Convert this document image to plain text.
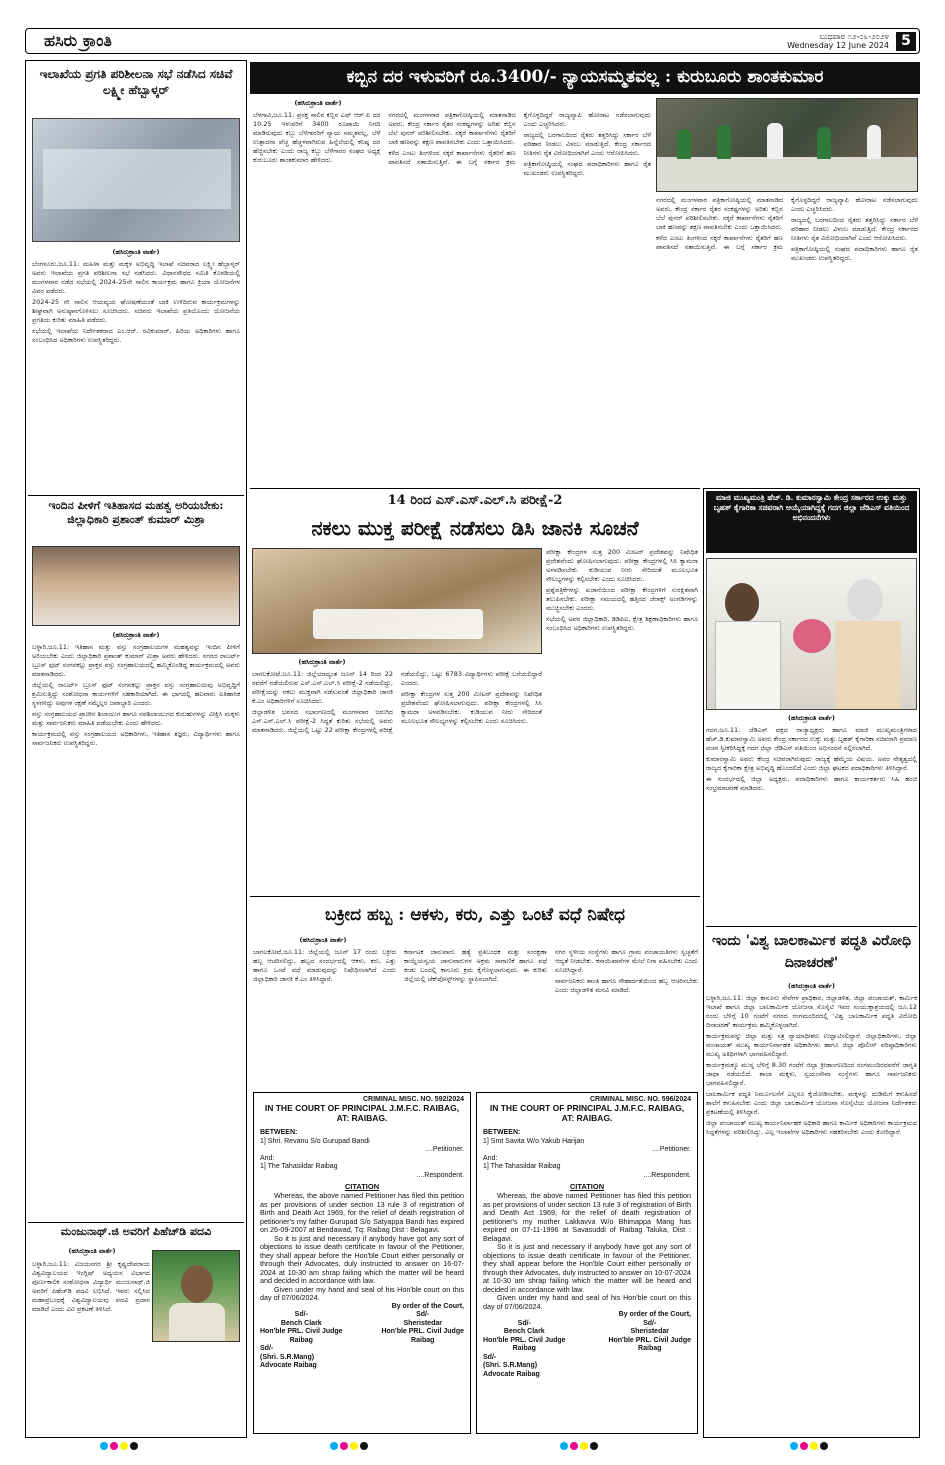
ಹಸಿರು ಕ್ರಾಂತಿ	ಬುಧವಾರ ೧೨-೦೬-೨೦೨೪
Wednesday 12 June 2024 5
ಇಲಾಖೆಯ ಪ್ರಗತಿ ಪರಿಶೀಲನಾ ಸಭೆ ನಡೆಸಿದ ಸಚಿವೆ ಲಕ್ಷ್ಮೀ ಹೆಬ್ಬಾಳ್ಕರ್
(ಹಸಿರುಕ್ರಾಂತಿ ವಾರ್ತೆ)

ಬೆಂಗಳೂರು,ಜೂ.11: ಮಹಿಳಾ ಮತ್ತು ಮಕ್ಕಳ ಅಭಿವೃದ್ಧಿ ಇಲಾಖೆ ಸಚಿವರಾದ ಲಕ್ಷ್ಮೀ ಹೆಬ್ಬಾಳ್ಕರ್ ಅವರು ಇಲಾಖೆಯ ಪ್ರಗತಿ ಪರಿಶೀಲನಾ ಸಭೆ ನಡೆಸಿದರು. ವಿಧಾನಸೌಧದ ಸಮಿತಿ ಕೊಠಡಿಯಲ್ಲಿ ಮಂಗಳವಾರ ನಡೆದ ಸಭೆಯಲ್ಲಿ 2024-25ನೇ ಸಾಲಿನ ಕಾರ್ಯಕ್ರಮ ಹಾಗೂ ಕ್ರಿಯಾ ಯೋಜನೆಗಳ ವಿವರ ಪಡೆದರು.

2024-25 ನೇ ಸಾಲಿನ ಆಯವ್ಯಯ ಘೋಷಣೆಯಂತೆ ಬಾಕಿ ಉಳಿದಿರುವ ಕಾರ್ಯಕ್ರಮಗಳನ್ನು ಶೀಘ್ರವಾಗಿ ಅನುಷ್ಠಾನಗೊಳಿಸಲು ಸೂಚಿಸಿದರು. ಸಚಿವರು ಇಲಾಖೆಯ ಪ್ರತಿಯೊಂದು ಯೋಜನೆಯ ಪ್ರಗತಿಯ ಕುರಿತು ಮಾಹಿತಿ ಪಡೆದರು.

ಸಭೆಯಲ್ಲಿ ಇಲಾಖೆಯ ನಿರ್ದೇಶಕರಾದ ಎಂ.ಆರ್. ರವಿಕುಮಾರ್, ಹಿರಿಯ ಅಧಿಕಾರಿಗಳು ಹಾಗೂ ಸಂಬಂಧಿಸಿದ ಅಧಿಕಾರಿಗಳು ಉಪಸ್ಥಿತರಿದ್ದರು.

ಇಂದಿನ ಪೀಳಿಗೆ ಇತಿಹಾಸದ ಮಹತ್ವ ಅರಿಯಬೇಕು: ಜಿಲ್ಲಾಧಿಕಾರಿ ಪ್ರಶಾಂತ್ ಕುಮಾರ್ ಮಿಶ್ರಾ
(ಹಸಿರುಕ್ರಾಂತಿ ವಾರ್ತೆ)

ಬಳ್ಳಾರಿ,ಜೂ.11: ಇತಿಹಾಸ ಮತ್ತು ವಸ್ತು ಸಂಗ್ರಹಾಲಯಗಳ ಮಹತ್ವವನ್ನು ಇಂದಿನ ಪೀಳಿಗೆ ಅರಿಯಬೇಕು ಎಂದು ಜಿಲ್ಲಾಧಿಕಾರಿ ಪ್ರಶಾಂತ್ ಕುಮಾರ್ ಮಿಶ್ರಾ ಅವರು ಹೇಳಿದರು. ನಗರದ ರಾಬರ್ಟ್ ಬ್ರೂಸ್ ಫುಟ್ ಸಂಗನಕಲ್ಲು ಪ್ರಾಕ್ತನ ವಸ್ತು ಸಂಗ್ರಹಾಲಯದಲ್ಲಿ ಹಮ್ಮಿಕೊಂಡಿದ್ದ ಕಾರ್ಯಕ್ರಮದಲ್ಲಿ ಅವರು ಮಾತನಾಡಿದರು.

ಜಿಲ್ಲೆಯಲ್ಲಿ ರಾಬರ್ಟ್ ಬ್ರೂಸ್ ಫುಟ್ ಸಂಗನಕಲ್ಲು ಪ್ರಾಕ್ತನ ವಸ್ತು ಸಂಗ್ರಹಾಲಯವು ಅಭಿವೃದ್ಧಿಗೆ ಶ್ರಮಿಸುತ್ತಿದ್ದು ಸಂಶೋಧನಾ ಕಾರ್ಯಗಳಿಗೆ ಸಹಕಾರಿಯಾಗಿದೆ. ಈ ಭಾಗದಲ್ಲಿ ಹಲವಾರು ಐತಿಹಾಸಿಕ ಸ್ಥಳಗಳಿದ್ದು ಅವುಗಳ ರಕ್ಷಣೆ ನಮ್ಮೆಲ್ಲರ ಜವಾಬ್ದಾರಿ ಎಂದರು.

ವಸ್ತು ಸಂಗ್ರಹಾಲಯದ ಪ್ರಾಚೀನ ಶಿಲಾಯುಗ ಹಾಗೂ ನವಶಿಲಾಯುಗದ ಕುರುಹುಗಳನ್ನು ವೀಕ್ಷಿಸಿ ಮಕ್ಕಳು ಮತ್ತು ಸಾರ್ವಜನಿಕರು ಮಾಹಿತಿ ಪಡೆಯಬೇಕು ಎಂದು ಹೇಳಿದರು.

ಕಾರ್ಯಕ್ರಮದಲ್ಲಿ ವಸ್ತು ಸಂಗ್ರಹಾಲಯದ ಅಧಿಕಾರಿಗಳು, ಇತಿಹಾಸ ತಜ್ಞರು, ವಿದ್ಯಾರ್ಥಿಗಳು ಹಾಗೂ ಸಾರ್ವಜನಿಕರು ಉಪಸ್ಥಿತರಿದ್ದರು.

ಮಂಜುನಾಥ್.ಜಿ ಅವರಿಗೆ ಪಿಹೆಚ್‌ಡಿ ಪದವಿ
(ಹಸಿರುಕ್ರಾಂತಿ ವಾರ್ತೆ)

ಬಳ್ಳಾರಿ,ಜೂ.11: ವಿಜಯನಗರ ಶ್ರೀ ಕೃಷ್ಣದೇವರಾಯ ವಿಶ್ವವಿದ್ಯಾಲಯದ ಇಂಗ್ಲಿಷ್ ಅಧ್ಯಯನ ವಿಭಾಗದ ಪೂರ್ಣಕಾಲಿಕ ಸಂಶೋಧನಾ ವಿದ್ಯಾರ್ಥಿ ಮಂಜುನಾಥ್.ಜಿ ಅವರಿಗೆ ಪಿಹೆಚ್‌ಡಿ ಪದವಿ ಲಭಿಸಿದೆ. ಇವರು ಸಲ್ಲಿಸಿದ ಮಹಾಪ್ರಬಂಧಕ್ಕೆ ವಿಶ್ವವಿದ್ಯಾಲಯವು ಪದವಿ ಪ್ರದಾನ ಮಾಡಿದೆ ಎಂದು ವಿವಿ ಪ್ರಕಟಣೆ ತಿಳಿಸಿದೆ.

ಕಬ್ಬಿನ ದರ ಇಳುವರಿಗೆ ರೂ.3400/- ನ್ಯಾಯಸಮ್ಮತವಲ್ಲ : ಕುರುಬೂರು ಶಾಂತಕುಮಾರ
(ಹಸಿರುಕ್ರಾಂತಿ ವಾರ್ತೆ)

ಬೆಳಗಾವಿ,ಜೂ.11: ಪ್ರಸಕ್ತ ಸಾಲಿನ ಕಬ್ಬಿನ ಎಫ್ ಆರ್ ಪಿ ದರ 10.25 ಇಳುವರಿಗೆ 3400 ರೂಪಾಯಿ ನಿಗದಿ ಮಾಡಿರುವುದು ಕಬ್ಬು ಬೆಳೆಗಾರರಿಗೆ ನ್ಯಾಯ ಸಮ್ಮತವಲ್ಲ, ಬೆಳೆ ಉತ್ಪಾದನಾ ವೆಚ್ಚ ಹೆಚ್ಚಳವಾಗಿರುವ ಹಿನ್ನೆಲೆಯಲ್ಲಿ ಕನಿಷ್ಠ ದರ ಹೆಚ್ಚಿಸಬೇಕು ಎಂದು ರಾಜ್ಯ ಕಬ್ಬು ಬೆಳೆಗಾರರ ಸಂಘದ ಅಧ್ಯಕ್ಷ ಕುರುಬೂರು ಶಾಂತಕುಮಾರ ಹೇಳಿದರು.

ನಗರದಲ್ಲಿ ಮಂಗಳವಾರ ಪತ್ರಿಕಾಗೋಷ್ಠಿಯಲ್ಲಿ ಮಾತನಾಡಿದ ಅವರು, ಕೇಂದ್ರ ಸರ್ಕಾರ ರೈತರ ಸಂಕಷ್ಟಗಳನ್ನು ಅರಿತು ಕಬ್ಬಿನ ಬೆಲೆ ಪುನರ್ ಪರಿಶೀಲಿಸಬೇಕು. ಸಕ್ಕರೆ ಕಾರ್ಖಾನೆಗಳು ರೈತರಿಗೆ ಬಾಕಿ ಹಣವನ್ನು ತಕ್ಷಣ ಪಾವತಿಸಬೇಕು ಎಂದು ಒತ್ತಾಯಿಸಿದರು.

ಕಳೆದ ಎಂಟು ತಿಂಗಳಿಂದ ಸಕ್ಕರೆ ಕಾರ್ಖಾನೆಗಳು ರೈತರಿಗೆ ಹಣ ಪಾವತಿಸದೆ ಸತಾಯಿಸುತ್ತಿವೆ. ಈ ಬಗ್ಗೆ ಸರ್ಕಾರ ಕ್ರಮ ಕೈಗೊಳ್ಳದಿದ್ದರೆ ರಾಜ್ಯವ್ಯಾಪಿ ಹೋರಾಟ ನಡೆಸಲಾಗುವುದು ಎಂದು ಎಚ್ಚರಿಸಿದರು.

ರಾಜ್ಯದಲ್ಲಿ ಬರಗಾಲದಿಂದ ರೈತರು ತತ್ತರಿಸಿದ್ದು ಸರ್ಕಾರ ಬೆಳೆ ಪರಿಹಾರ ನೀಡಲು ವಿಳಂಬ ಮಾಡುತ್ತಿದೆ. ಕೇಂದ್ರ ಸರ್ಕಾರದ ನೀತಿಗಳು ರೈತ ವಿರೋಧಿಯಾಗಿವೆ ಎಂದು ಆರೋಪಿಸಿದರು.

ಪತ್ರಿಕಾಗೋಷ್ಠಿಯಲ್ಲಿ ಸಂಘದ ಪದಾಧಿಕಾರಿಗಳು ಹಾಗೂ ರೈತ ಮುಖಂಡರು ಉಪಸ್ಥಿತರಿದ್ದರು.

ನಗರದಲ್ಲಿ ಮಂಗಳವಾರ ಪತ್ರಿಕಾಗೋಷ್ಠಿಯಲ್ಲಿ ಮಾತನಾಡಿದ ಅವರು, ಕೇಂದ್ರ ಸರ್ಕಾರ ರೈತರ ಸಂಕಷ್ಟಗಳನ್ನು ಅರಿತು ಕಬ್ಬಿನ ಬೆಲೆ ಪುನರ್ ಪರಿಶೀಲಿಸಬೇಕು. ಸಕ್ಕರೆ ಕಾರ್ಖಾನೆಗಳು ರೈತರಿಗೆ ಬಾಕಿ ಹಣವನ್ನು ತಕ್ಷಣ ಪಾವತಿಸಬೇಕು ಎಂದು ಒತ್ತಾಯಿಸಿದರು.

ಕಳೆದ ಎಂಟು ತಿಂಗಳಿಂದ ಸಕ್ಕರೆ ಕಾರ್ಖಾನೆಗಳು ರೈತರಿಗೆ ಹಣ ಪಾವತಿಸದೆ ಸತಾಯಿಸುತ್ತಿವೆ. ಈ ಬಗ್ಗೆ ಸರ್ಕಾರ ಕ್ರಮ ಕೈಗೊಳ್ಳದಿದ್ದರೆ ರಾಜ್ಯವ್ಯಾಪಿ ಹೋರಾಟ ನಡೆಸಲಾಗುವುದು ಎಂದು ಎಚ್ಚರಿಸಿದರು.

ರಾಜ್ಯದಲ್ಲಿ ಬರಗಾಲದಿಂದ ರೈತರು ತತ್ತರಿಸಿದ್ದು ಸರ್ಕಾರ ಬೆಳೆ ಪರಿಹಾರ ನೀಡಲು ವಿಳಂಬ ಮಾಡುತ್ತಿದೆ. ಕೇಂದ್ರ ಸರ್ಕಾರದ ನೀತಿಗಳು ರೈತ ವಿರೋಧಿಯಾಗಿವೆ ಎಂದು ಆರೋಪಿಸಿದರು.

ಪತ್ರಿಕಾಗೋಷ್ಠಿಯಲ್ಲಿ ಸಂಘದ ಪದಾಧಿಕಾರಿಗಳು ಹಾಗೂ ರೈತ ಮುಖಂಡರು ಉಪಸ್ಥಿತರಿದ್ದರು.

14 ರಿಂದ ಎಸ್.ಎಸ್.ಎಲ್.ಸಿ ಪರೀಕ್ಷೆ-2
ನಕಲು ಮುಕ್ತ ಪರೀಕ್ಷೆ ನಡೆಸಲು ಡಿಸಿ ಜಾನಕಿ ಸೂಚನೆ

ಪರೀಕ್ಷಾ ಕೇಂದ್ರಗಳ ಸುತ್ತ 200 ಮೀಟರ್ ಪ್ರದೇಶವನ್ನು ನಿಷೇಧಿತ ಪ್ರದೇಶವೆಂದು ಘೋಷಿಸಲಾಗುವುದು. ಪರೀಕ್ಷಾ ಕೇಂದ್ರಗಳಲ್ಲಿ ಸಿಸಿ ಕ್ಯಾಮರಾ ಅಳವಡಿಸಬೇಕು. ಕುಡಿಯುವ ನೀರು ಸೇರಿದಂತೆ ಮೂಲಭೂತ ಸೌಲಭ್ಯಗಳನ್ನು ಕಲ್ಪಿಸಬೇಕು ಎಂದು ಸೂಚಿಸಿದರು.

ಪ್ರಶ್ನೆಪತ್ರಿಕೆಗಳನ್ನು ಖಜಾನೆಯಿಂದ ಪರೀಕ್ಷಾ ಕೇಂದ್ರಗಳಿಗೆ ಸುರಕ್ಷಿತವಾಗಿ ತಲುಪಿಸಬೇಕು. ಪರೀಕ್ಷಾ ಸಮಯದಲ್ಲಿ ಹತ್ತಿರದ ಜೆರಾಕ್ಸ್ ಅಂಗಡಿಗಳನ್ನು ಮುಚ್ಚಿಸಬೇಕು ಎಂದರು.

ಸಭೆಯಲ್ಲಿ ಅಪರ ಜಿಲ್ಲಾಧಿಕಾರಿ, ಡಿಡಿಪಿಐ, ಕ್ಷೇತ್ರ ಶಿಕ್ಷಣಾಧಿಕಾರಿಗಳು ಹಾಗೂ ಸಂಬಂಧಿಸಿದ ಅಧಿಕಾರಿಗಳು ಉಪಸ್ಥಿತರಿದ್ದರು.

(ಹಸಿರುಕ್ರಾಂತಿ ವಾರ್ತೆ)

ಬಾಗಲಕೋಟೆ,ಜೂ.11: ಜಿಲ್ಲೆಯಾದ್ಯಂತ ಜೂನ್ 14 ರಿಂದ 22 ರವರೆಗೆ ನಡೆಯಲಿರುವ ಎಸ್.ಎಸ್.ಎಲ್.ಸಿ ಪರೀಕ್ಷೆ-2 ನಡೆಯಲಿದ್ದು, ಪರೀಕ್ಷೆಯನ್ನು ನಕಲು ಮುಕ್ತವಾಗಿ ನಡೆಸುವಂತೆ ಜಿಲ್ಲಾಧಿಕಾರಿ ಜಾನಕಿ ಕೆ.ಎಂ ಅಧಿಕಾರಿಗಳಿಗೆ ಸೂಚಿಸಿದರು.

ಜಿಲ್ಲಾಡಳಿತ ಭವನದ ಸಭಾಂಗಣದಲ್ಲಿ ಮಂಗಳವಾರ ಜರುಗಿದ ಎಸ್.ಎಸ್.ಎಲ್.ಸಿ ಪರೀಕ್ಷೆ-2 ಸಿದ್ಧತೆ ಕುರಿತು ಸಭೆಯಲ್ಲಿ ಅವರು ಮಾತನಾಡಿದರು. ಜಿಲ್ಲೆಯಲ್ಲಿ ಒಟ್ಟು 22 ಪರೀಕ್ಷಾ ಕೇಂದ್ರಗಳಲ್ಲಿ ಪರೀಕ್ಷೆ ನಡೆಯಲಿದ್ದು, ಒಟ್ಟು 6783 ವಿದ್ಯಾರ್ಥಿಗಳು ಪರೀಕ್ಷೆ ಬರೆಯಲಿದ್ದಾರೆ ಎಂದರು.

ಪರೀಕ್ಷಾ ಕೇಂದ್ರಗಳ ಸುತ್ತ 200 ಮೀಟರ್ ಪ್ರದೇಶವನ್ನು ನಿಷೇಧಿತ ಪ್ರದೇಶವೆಂದು ಘೋಷಿಸಲಾಗುವುದು. ಪರೀಕ್ಷಾ ಕೇಂದ್ರಗಳಲ್ಲಿ ಸಿಸಿ ಕ್ಯಾಮರಾ ಅಳವಡಿಸಬೇಕು. ಕುಡಿಯುವ ನೀರು ಸೇರಿದಂತೆ ಮೂಲಭೂತ ಸೌಲಭ್ಯಗಳನ್ನು ಕಲ್ಪಿಸಬೇಕು ಎಂದು ಸೂಚಿಸಿದರು.

ಬಕ್ರೀದ ಹಬ್ಬ : ಆಕಳು, ಕರು, ಎತ್ತು ಒಂಟೆ ವಧೆ ನಿಷೇಧ
(ಹಸಿರುಕ್ರಾಂತಿ ವಾರ್ತೆ)

ಬಾಗಲಕೋಟೆ,ಜೂ.11: ಜಿಲ್ಲೆಯಲ್ಲಿ ಜೂನ್ 17 ರಂದು ಬಕ್ರೀದ ಹಬ್ಬ ಆಚರಿಸಲಿದ್ದು, ಹಬ್ಬದ ಸಂದರ್ಭದಲ್ಲಿ ಆಕಳು, ಕರು, ಎತ್ತು ಹಾಗೂ ಒಂಟೆ ವಧೆ ಮಾಡುವುದನ್ನು ನಿಷೇಧಿಸಲಾಗಿದೆ ಎಂದು ಜಿಲ್ಲಾಧಿಕಾರಿ ಜಾನಕಿ ಕೆ.ಎಂ ತಿಳಿಸಿದ್ದಾರೆ.

ಕರ್ನಾಟಕ ಜಾನುವಾರು ಹತ್ಯೆ ಪ್ರತಿಬಂಧಕ ಮತ್ತು ಸಂರಕ್ಷಣಾ ಕಾಯ್ದೆಯನ್ವಯ ಜಾನುವಾರುಗಳ ಅಕ್ರಮ ಸಾಗಾಣಿಕೆ ಹಾಗೂ ವಧೆ ಕಂಡು ಬಂದಲ್ಲಿ ಕಾನೂನು ಕ್ರಮ ಕೈಗೊಳ್ಳಲಾಗುವುದು. ಈ ಕುರಿತು ಜಿಲ್ಲೆಯಲ್ಲಿ ಚೆಕ್‌ಪೋಸ್ಟ್‌ಗಳನ್ನು ಸ್ಥಾಪಿಸಲಾಗಿದೆ.

ನಗರ ಸ್ಥಳೀಯ ಸಂಸ್ಥೆಗಳು ಹಾಗೂ ಗ್ರಾಮ ಪಂಚಾಯತಿಗಳು ಸ್ವಚ್ಛತೆಗೆ ಆದ್ಯತೆ ನೀಡಬೇಕು. ಕಸಾಯಿಖಾನೆಗಳ ಮೇಲೆ ನಿಗಾ ವಹಿಸಬೇಕು ಎಂದು ಸೂಚಿಸಿದ್ದಾರೆ.

ಸಾರ್ವಜನಿಕರು ಶಾಂತಿ ಹಾಗೂ ಸೌಹಾರ್ದತೆಯಿಂದ ಹಬ್ಬ ಆಚರಿಸಬೇಕು ಎಂದು ಜಿಲ್ಲಾಡಳಿತ ಮನವಿ ಮಾಡಿದೆ.

CRIMINAL MISC. NO. 592/2024
IN THE COURT OF PRINCIPAL J.M.F.C. RAIBAG, AT: RAIBAG.
BETWEEN:
1] Shri. Revanu S/o Gurupad Bandi
....Petitioner.
And:
1] The Tahasildar Raibag
....Respondent.
CITATION
Whereas, the above named Petitioner has filed this petition as per provisions of under section 13 rule 3 of registration of Birth and Death Act 1969, for the relief of death registration of petitioner's my father Gurupad S/o Satyappa Bandi has expired on 26-09-2007 at Bendawad, Tq: Raibag Dist : Belagavi.
So it is just and necessary if anybody have got any sort of objections to issue death certificate in favour of the Petitioner, they shall appear before the Hon'ble Court either personally or through their Advocates, duly instructed to answer on 16-07-2024 at 10-30 am shrap failing which the matter will be heard and decided in accordance with law.
Given under my hand and seal of his Hon'ble court on this day of 07/06/2024.
By order of the Court,
Sd/-
Bench Clark
Hon'ble PRL. Civil Judge
Raibag
Sd/-
Sheristedar
Hon'ble PRL. Civil Judge
Raibag
Sd/-
(Shri. S.R.Mang)
Advocate Raibag
CRIMINAL MISC. NO. 596/2024
IN THE COURT OF PRINCIPAL J.M.F.C. RAIBAG, AT: RAIBAG.
BETWEEN:
1] Smt Savita W/o Yakub Harijan
....Petitioner.
And:
1] The Tahasildar Raibag
....Respondent.
CITATION
Whereas, the above named Petitioner has filed this petition as per provisions of under section 13 rule 3 of registration of Birth and Death Act 1969, for the relief of death registration of petitioner's my mother Lakkavva W/o Bhimappa Mang has expired on 07-11-1996 at Savasuddi of Raibag Taluka, Dist : Belagavi.
So it is just and necessary if anybody have got any sort of objections to issue death certificate in favour of the Petitioner, they shall appear before the Hon'ble Court either personally or through their Advocates, duly instructed to answer on 10-07-2024 at 10-30 am shrap failing which the matter will be heard and decided in accordance with law.
Given under my hand and seal of his Hon'ble court on this day of 07/06/2024.
By order of the Court,
Sd/-
Bench Clark
Hon'ble PRL. Civil Judge
Raibag
Sd/-
Sheristedar
Hon'ble PRL. Civil Judge
Raibag
Sd/-
(Shri. S.R.Mang)
Advocate Raibag
ಮಾಜಿ ಮುಖ್ಯಮಂತ್ರಿ ಹೆಚ್. ಡಿ. ಕುಮಾರಸ್ವಾಮಿ ಕೇಂದ್ರ ಸರ್ಕಾರದ ಉಕ್ಕು ಮತ್ತು ಬೃಹತ್ ಕೈಗಾರಿಕಾ ಸಚಿವರಾಗಿ ಆಯ್ಕೆಯಾಗಿದ್ದಕ್ಕೆ ಗದಗ ಜಿಲ್ಲಾ ಜೆಡಿಎಸ್ ವತಿಯಿಂದ ಅಭಿನಂದನೆಗಳು
(ಹಸಿರುಕ್ರಾಂತಿ ವಾರ್ತೆ)

ಗದಗ,ಜೂ.11: ಜೆಡಿಎಸ್ ಪಕ್ಷದ ರಾಜ್ಯಾಧ್ಯಕ್ಷರು ಹಾಗೂ ಮಾಜಿ ಮುಖ್ಯಮಂತ್ರಿಗಳಾದ ಹೆಚ್.ಡಿ.ಕುಮಾರಸ್ವಾಮಿ ಅವರು ಕೇಂದ್ರ ಸರ್ಕಾರದ ಉಕ್ಕು ಮತ್ತು ಬೃಹತ್ ಕೈಗಾರಿಕಾ ಸಚಿವರಾಗಿ ಪ್ರಮಾಣ ವಚನ ಸ್ವೀಕರಿಸಿದ್ದಕ್ಕೆ ಗದಗ ಜಿಲ್ಲಾ ಜೆಡಿಎಸ್ ವತಿಯಿಂದ ಅಭಿನಂದನೆ ಸಲ್ಲಿಸಲಾಗಿದೆ.

ಕುಮಾರಸ್ವಾಮಿ ಅವರು ಕೇಂದ್ರ ಸಚಿವರಾಗಿರುವುದು ರಾಜ್ಯಕ್ಕೆ ಹೆಮ್ಮೆಯ ವಿಷಯ. ಅವರ ನೇತೃತ್ವದಲ್ಲಿ ರಾಜ್ಯದ ಕೈಗಾರಿಕಾ ಕ್ಷೇತ್ರ ಅಭಿವೃದ್ಧಿ ಹೊಂದಲಿದೆ ಎಂದು ಜಿಲ್ಲಾ ಘಟಕದ ಪದಾಧಿಕಾರಿಗಳು ತಿಳಿಸಿದ್ದಾರೆ.

ಈ ಸಂದರ್ಭದಲ್ಲಿ ಜಿಲ್ಲಾ ಅಧ್ಯಕ್ಷರು, ಪದಾಧಿಕಾರಿಗಳು ಹಾಗೂ ಕಾರ್ಯಕರ್ತರು ಸಿಹಿ ಹಂಚಿ ಸಂಭ್ರಮಾಚರಣೆ ಮಾಡಿದರು.

ಇಂದು 'ವಿಶ್ವ ಬಾಲಕಾರ್ಮಿಕ ಪದ್ಧತಿ ವಿರೋಧಿ ದಿನಾಚರಣೆ'
(ಹಸಿರುಕ್ರಾಂತಿ ವಾರ್ತೆ)

ಬಳ್ಳಾರಿ,ಜೂ.11: ಜಿಲ್ಲಾ ಕಾನೂನು ಸೇವೆಗಳ ಪ್ರಾಧಿಕಾರ, ಜಿಲ್ಲಾಡಳಿತ, ಜಿಲ್ಲಾ ಪಂಚಾಯತ್, ಕಾರ್ಮಿಕ ಇಲಾಖೆ ಹಾಗೂ ಜಿಲ್ಲಾ ಬಾಲಕಾರ್ಮಿಕ ಯೋಜನಾ ಸೊಸೈಟಿ ಇವರ ಸಂಯುಕ್ತಾಶ್ರಯದಲ್ಲಿ ಜೂ.12 ರಂದು ಬೆಳಿಗ್ಗೆ 10 ಗಂಟೆಗೆ ನಗರದ ರಂಗಮಂದಿರದಲ್ಲಿ 'ವಿಶ್ವ ಬಾಲಕಾರ್ಮಿಕ ಪದ್ಧತಿ ವಿರೋಧಿ ದಿನಾಚರಣೆ' ಕಾರ್ಯಕ್ರಮ ಹಮ್ಮಿಕೊಳ್ಳಲಾಗಿದೆ.

ಕಾರ್ಯಕ್ರಮವನ್ನು ಜಿಲ್ಲಾ ಮತ್ತು ಸತ್ರ ನ್ಯಾಯಾಧೀಶರು ಉದ್ಘಾಟಿಸಲಿದ್ದಾರೆ. ಜಿಲ್ಲಾಧಿಕಾರಿಗಳು, ಜಿಲ್ಲಾ ಪಂಚಾಯತ್ ಮುಖ್ಯ ಕಾರ್ಯನಿರ್ವಾಹಕ ಅಧಿಕಾರಿಗಳು ಹಾಗೂ ಜಿಲ್ಲಾ ಪೊಲೀಸ್ ವರಿಷ್ಠಾಧಿಕಾರಿಗಳು ಮುಖ್ಯ ಅತಿಥಿಗಳಾಗಿ ಭಾಗವಹಿಸಲಿದ್ದಾರೆ.

ಕಾರ್ಯಕ್ರಮಕ್ಕೂ ಮುನ್ನ ಬೆಳಿಗ್ಗೆ 8.30 ಗಂಟೆಗೆ ಜಿಲ್ಲಾ ಕ್ರೀಡಾಂಗಣದಿಂದ ರಂಗಮಂದಿರದವರೆಗೆ ಜಾಗೃತಿ ಜಾಥಾ ನಡೆಯಲಿದೆ. ಶಾಲಾ ಮಕ್ಕಳು, ಸ್ವಯಂಸೇವಾ ಸಂಸ್ಥೆಗಳು ಹಾಗೂ ಸಾರ್ವಜನಿಕರು ಭಾಗವಹಿಸಲಿದ್ದಾರೆ.

ಬಾಲಕಾರ್ಮಿಕ ಪದ್ಧತಿ ನಿರ್ಮೂಲನೆಗೆ ಎಲ್ಲರೂ ಕೈಜೋಡಿಸಬೇಕು. ಮಕ್ಕಳನ್ನು ದುಡಿಮೆಗೆ ಕಳುಹಿಸದೆ ಶಾಲೆಗೆ ಕಳುಹಿಸಬೇಕು ಎಂದು ಜಿಲ್ಲಾ ಬಾಲಕಾರ್ಮಿಕ ಯೋಜನಾ ಸೊಸೈಟಿಯ ಯೋಜನಾ ನಿರ್ದೇಶಕರು ಪ್ರಕಟಣೆಯಲ್ಲಿ ತಿಳಿಸಿದ್ದಾರೆ.

ಜಿಲ್ಲಾ ಪಂಚಾಯತ್ ಮುಖ್ಯ ಕಾರ್ಯನಿರ್ವಾಹಕ ಅಧಿಕಾರಿ ಹಾಗೂ ಕಾರ್ಮಿಕ ಅಧಿಕಾರಿಗಳು ಕಾರ್ಯಕ್ರಮದ ಸಿದ್ಧತೆಗಳನ್ನು ಪರಿಶೀಲಿಸಿದ್ದು, ಎಲ್ಲ ಇಲಾಖೆಗಳ ಅಧಿಕಾರಿಗಳು ಸಹಕರಿಸಬೇಕು ಎಂದು ಕೋರಿದ್ದಾರೆ.
